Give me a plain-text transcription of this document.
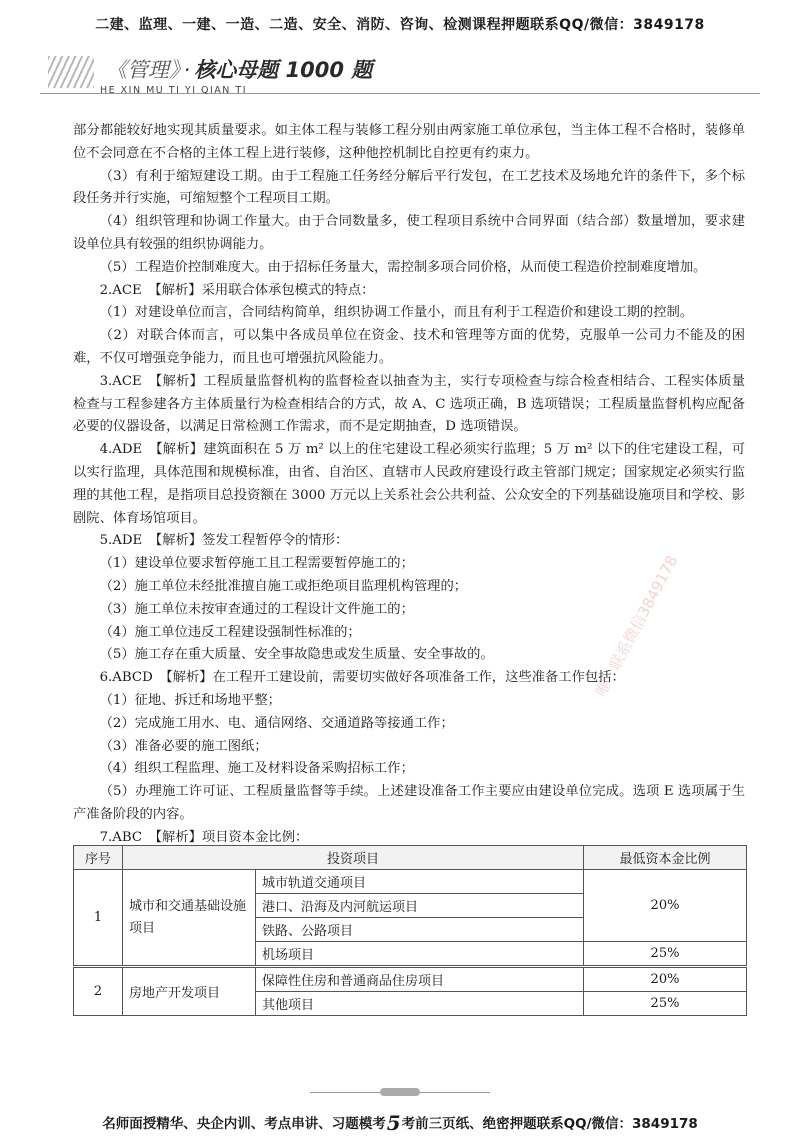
二建、监理、一建、一造、二造、安全、消防、咨询、检测课程押题联系QQ/微信：3849178
《管理》 · 核心母题 1000 题
HE XIN MU TI YI QIAN TI

部分都能较好地实现其质量要求。如主体工程与装修工程分别由两家施工单位承包，当主体工程不合格时，装修单位不会同意在不合格的主体工程上进行装修，这种他控机制比自控更有约束力。

（3）有利于缩短建设工期。由于工程施工任务经分解后平行发包，在工艺技术及场地允许的条件下，多个标段任务并行实施，可缩短整个工程项目工期。

（4）组织管理和协调工作量大。由于合同数量多，使工程项目系统中合同界面（结合部）数量增加，要求建设单位具有较强的组织协调能力。

（5）工程造价控制难度大。由于招标任务量大，需控制多项合同价格，从而使工程造价控制难度增加。

2.ACE　【解析】采用联合体承包模式的特点：

（1）对建设单位而言，合同结构简单，组织协调工作量小，而且有利于工程造价和建设工期的控制。

（2）对联合体而言，可以集中各成员单位在资金、技术和管理等方面的优势，克服单一公司力不能及的困难，不仅可增强竞争能力，而且也可增强抗风险能力。

3.ACE　【解析】工程质量监督机构的监督检查以抽查为主，实行专项检查与综合检查相结合、工程实体质量检查与工程参建各方主体质量行为检查相结合的方式，故 A、C 选项正确，B 选项错误；工程质量监督机构应配备必要的仪器设备，以满足日常检测工作需求，而不是定期抽查，D 选项错误。

4.ADE　【解析】建筑面积在 5 万 m² 以上的住宅建设工程必须实行监理；5 万 m² 以下的住宅建设工程，可以实行监理，具体范围和规模标准，由省、自治区、直辖市人民政府建设行政主管部门规定；国家规定必须实行监理的其他工程，是指项目总投资额在 3000 万元以上关系社会公共利益、公众安全的下列基础设施项目和学校、影剧院、体育场馆项目。

5.ADE　【解析】签发工程暂停令的情形：

（1）建设单位要求暂停施工且工程需要暂停施工的；

（2）施工单位未经批准擅自施工或拒绝项目监理机构管理的；

（3）施工单位未按审查通过的工程设计文件施工的；

（4）施工单位违反工程建设强制性标准的；

（5）施工存在重大质量、安全事故隐患或发生质量、安全事故的。

6.ABCD　【解析】在工程开工建设前，需要切实做好各项准备工作，这些准备工作包括：

（1）征地、拆迁和场地平整；

（2）完成施工用水、电、通信网络、交通道路等接通工作；

（3）准备必要的施工图纸；

（4）组织工程监理、施工及材料设备采购招标工作；

（5）办理施工许可证、工程质量监督等手续。上述建设准备工作主要应由建设单位完成。选项 E 选项属于生产准备阶段的内容。

7.ABC　【解析】项目资本金比例：

序号	投资项目		最低资本金比例
1	城市和交通基础设施项目	城市轨道交通项目	20%
		港口、沿海及内河航运项目	
		铁路、公路项目	
		机场项目	25%
2	房地产开发项目	保障性住房和普通商品住房项目	20%
		其他项目	25%
唯一联系微信3849178
名师面授精华、央企内训、考点串讲、习题模考5考前三页纸、绝密押题联系QQ/微信：3849178
